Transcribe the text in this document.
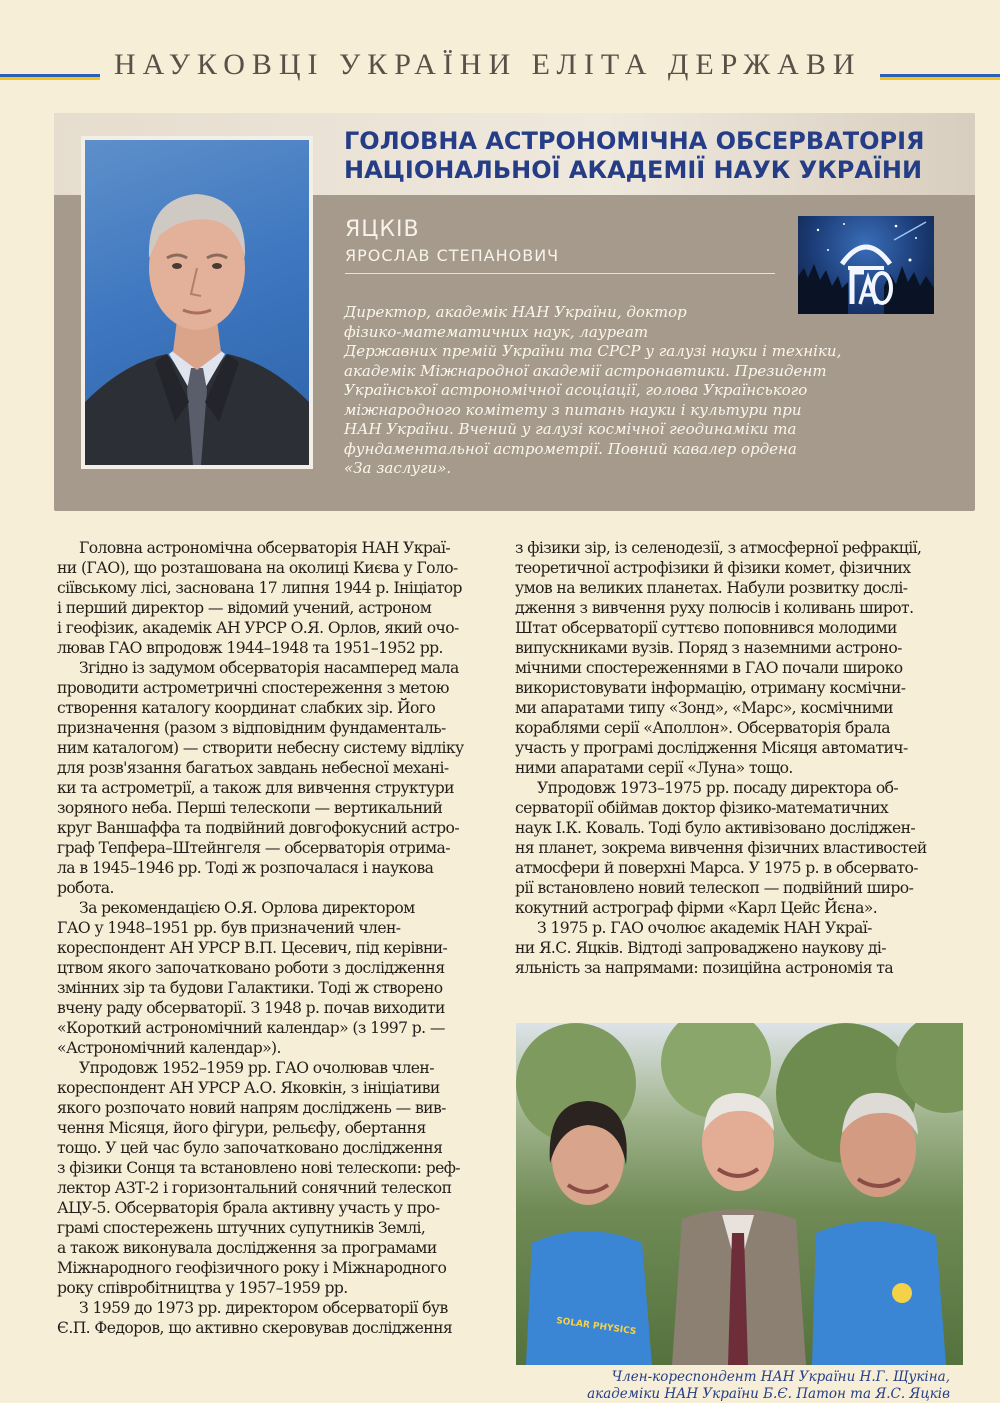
НАУКОВЦІ УКРАЇНИ ЕЛІТА ДЕРЖАВИ
ГОЛОВНА АСТРОНОМІЧНА ОБСЕРВАТОРІЯ
НАЦІОНАЛЬНОЇ АКАДЕМІЇ НАУК УКРАЇНИ
ЯЦКІВ
ЯРОСЛАВ СТЕПАНОВИЧ
Директор, академік НАН України, доктор
фізико-математичних наук, лауреат
Державних премій України та СРСР у галузі науки і техніки,
академік Міжнародної академії астронавтики. Президент
Української астрономічної асоціації, голова Українського
міжнародного комітету з питань науки і культури при
НАН України. Вчений у галузі космічної геодинаміки та
фундаментальної астрометрії. Повний кавалер ордена
«За заслуги».
Головна астрономічна обсерваторія НАН Украї-
ни (ГАО), що розташована на околиці Києва у Голо-
сіївському лісі, заснована 17 липня 1944 р. Ініціатор
і перший директор — відомий учений, астроном
і геофізик, академік АН УРСР О.Я. Орлов, який очо-
лював ГАО впродовж 1944–1948 та 1951–1952 рр.
Згідно із задумом обсерваторія насамперед мала
проводити астрометричні спостереження з метою
створення каталогу координат слабких зір. Його
призначення (разом з відповідним фундаменталь-
ним каталогом) — створити небесну систему відліку
для розв'язання багатьох завдань небесної механі-
ки та астрометрії, а також для вивчення структури
зоряного неба. Перші телескопи — вертикальний
круг Ваншаффа та подвійний довгофокусний астро-
граф Тепфера–Штейнгеля — обсерваторія отрима-
ла в 1945–1946 рр. Тоді ж розпочалася і наукова
робота.
За рекомендацією О.Я. Орлова директором
ГАО у 1948–1951 рр. був призначений член-
кореспондент АН УРСР В.П. Цесевич, під керівни-
цтвом якого започатковано роботи з дослідження
змінних зір та будови Галактики. Тоді ж створено
вчену раду обсерваторії. З 1948 р. почав виходити
«Короткий астрономічний календар» (з 1997 р. —
«Астрономічний календар»).
Упродовж 1952–1959 рр. ГАО очолював член-
кореспондент АН УРСР А.О. Яковкін, з ініціативи
якого розпочато новий напрям досліджень — вив-
чення Місяця, його фігури, рельєфу, обертання
тощо. У цей час було започатковано дослідження
з фізики Сонця та встановлено нові телескопи: реф-
лектор АЗТ-2 і горизонтальний сонячний телескоп
АЦУ-5. Обсерваторія брала активну участь у про-
грамі спостережень штучних супутників Землі,
а також виконувала дослідження за програмами
Міжнародного геофізичного року і Міжнародного
року співробітництва у 1957–1959 рр.
З 1959 до 1973 рр. директором обсерваторії був
Є.П. Федоров, що активно скеровував дослідження
з фізики зір, із селенодезії, з атмосферної рефракції,
теоретичної астрофізики й фізики комет, фізичних
умов на великих планетах. Набули розвитку дослі-
дження з вивчення руху полюсів і коливань широт.
Штат обсерваторії суттєво поповнився молодими
випускниками вузів. Поряд з наземними астроно-
мічними спостереженнями в ГАО почали широко
використовувати інформацію, отриману космічни-
ми апаратами типу «Зонд», «Марс», космічними
кораблями серії «Аполлон». Обсерваторія брала
участь у програмі дослідження Місяця автоматич-
ними апаратами серії «Луна» тощо.
Упродовж 1973–1975 рр. посаду директора об-
серваторії обіймав доктор фізико-математичних
наук І.К. Коваль. Тоді було активізовано досліджен-
ня планет, зокрема вивчення фізичних властивостей
атмосфери й поверхні Марса. У 1975 р. в обсервато-
рії встановлено новий телескоп — подвійний широ-
кокутний астрограф фірми «Карл Цейс Йєна».
З 1975 р. ГАО очолює академік НАН Украї-
ни Я.С. Яцків. Відтоді запроваджено наукову ді-
яльність за напрямами: позиційна астрономія та
SOLAR PHYSICS
Член-кореспондент НАН України Н.Г. Щукіна,
академіки НАН України Б.Є. Патон та Я.С. Яцків
